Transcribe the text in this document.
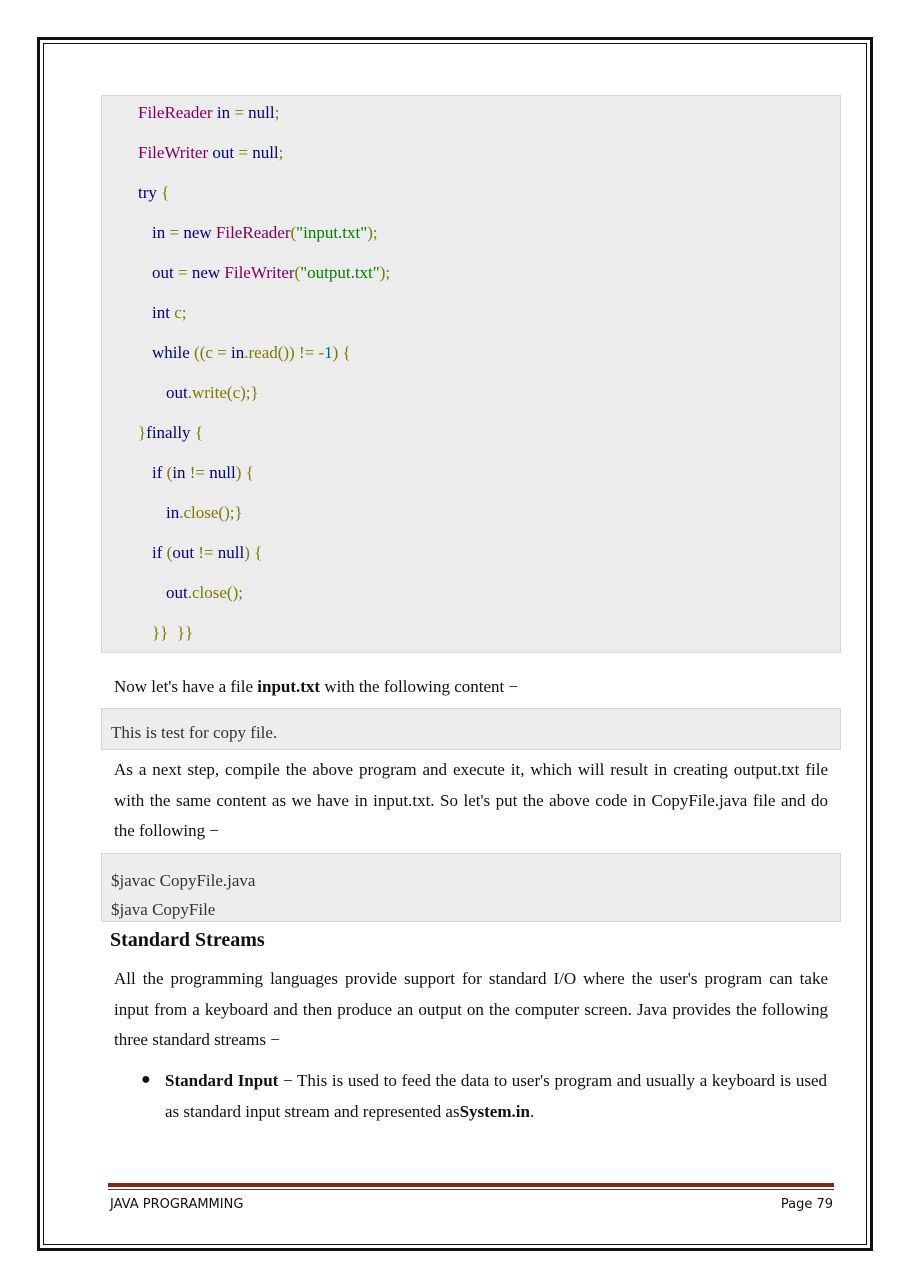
FileReader in = null;
FileWriter out = null;
try {
in = new FileReader("input.txt");
out = new FileWriter("output.txt");
int c;
while ((c = in.read()) != -1) {
out.write(c);}
}finally {
if (in != null) {
in.close();}
if (out != null) {
out.close();
}}  }}
Now let's have a file input.txt with the following content −
This is test for copy file.
As a next step, compile the above program and execute it, which will result in creating output.txt file with the same content as we have in input.txt. So let's put the above code in CopyFile.java file and do the following −
$javac CopyFile.java
$java CopyFile
Standard Streams
All the programming languages provide support for standard I/O where the user's program can take input from a keyboard and then produce an output on the computer screen. Java provides the following three standard streams −
● Standard Input − This is used to feed the data to user's program and usually a keyboard is used as standard input stream and represented asSystem.in.
JAVA PROGRAMMING	Page 79
